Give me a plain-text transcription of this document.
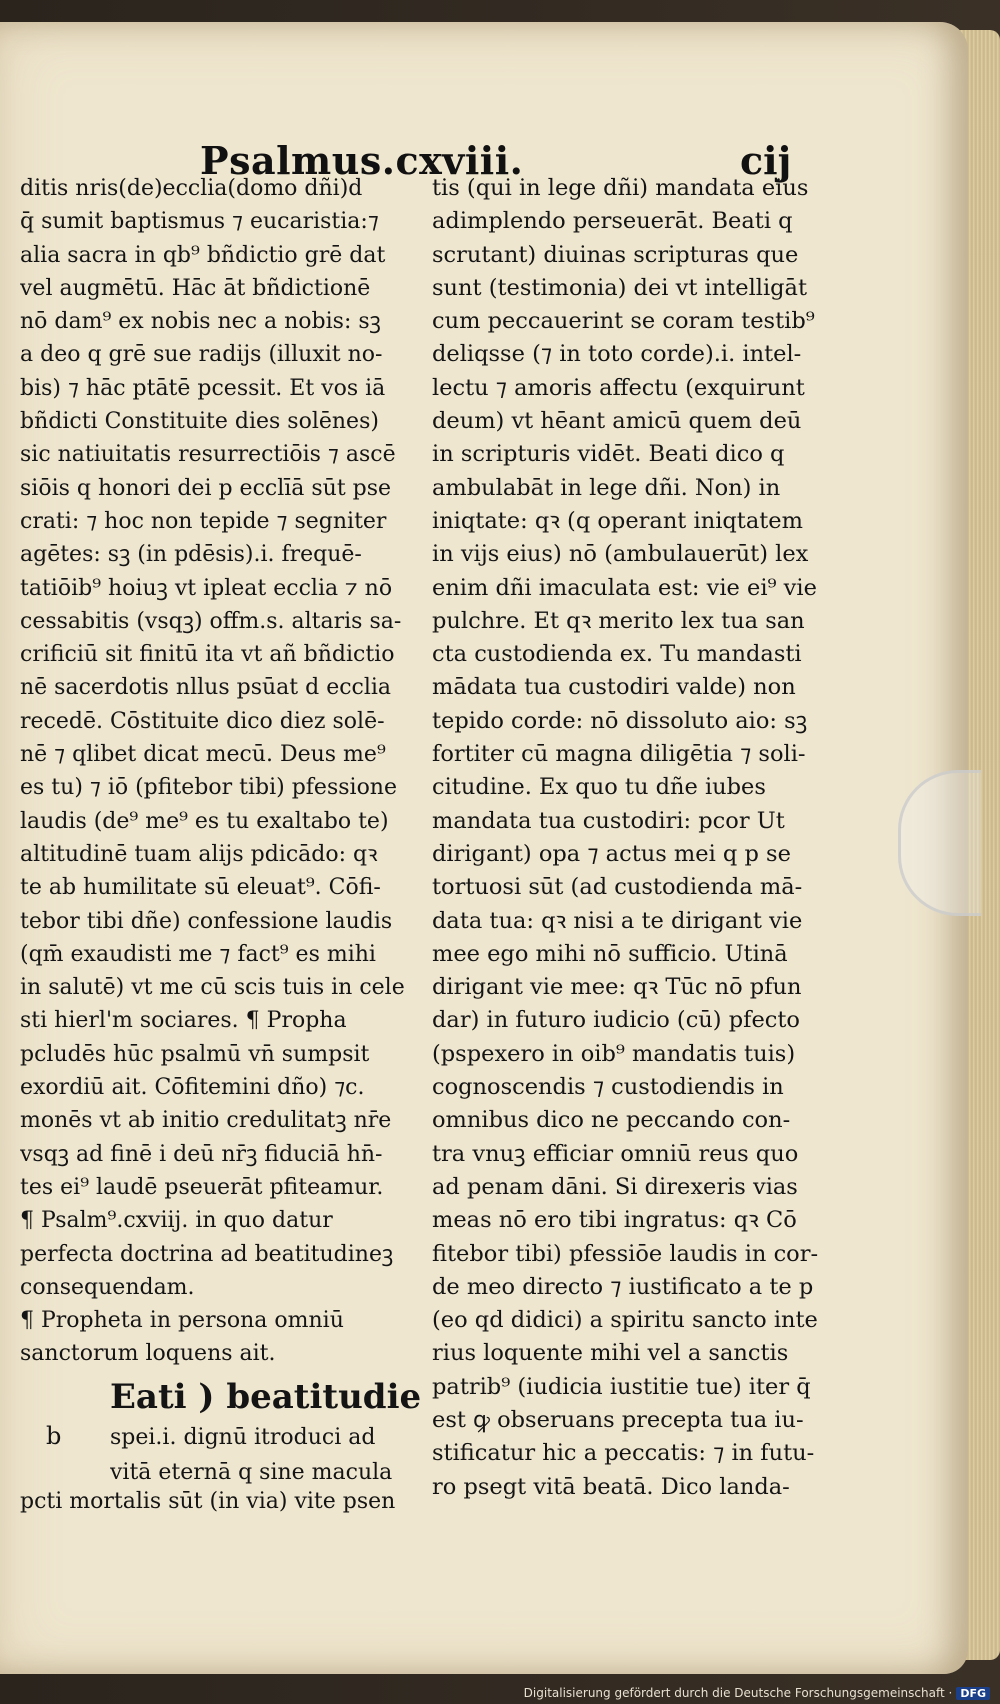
Psalmus.cxviii.	cij
ditis nris(de)ecclia(domo dñi)d
q̄ sumit baptismus ⁊ eucaristia:⁊
alia sacra in qb⁹ bñdictio grē dat
vel augmētū. Hāc āt bñdictionē
nō dam⁹ ex nobis nec a nobis: sꝫ
a deo q grē sue radijs (illuxit no-
bis) ⁊ hāc ptātē pcessit. Et vos iā
bñdicti Constituite dies solēnes)
sic natiuitatis resurrectiōis ⁊ ascē
siōis q honori dei p ecclīā sūt pse
crati: ⁊ hoc non tepide ⁊ segniter
agētes: sꝫ (in pdēsis).i. frequē-
tatiōib⁹ hoiuꝫ vt ipleat ecclia ⁊ nō
cessabitis (vsqꝫ) offm.s. altaris sa-
crificiū sit finitū ita vt añ bñdictio
nē sacerdotis nllus psūat d ecclia
recedē. Cōstituite dico diez solē-
nē ⁊ qlibet dicat mecū. Deus me⁹
es tu) ⁊ iō (pfitebor tibi) pfessione
laudis (de⁹ me⁹ es tu exaltabo te)
altitudinē tuam alijs pdicādo: qꝛ
te ab humilitate sū eleuat⁹. Cōfi-
tebor tibi dñe) confessione laudis
(qm̄ exaudisti me ⁊ fact⁹ es mihi
in salutē) vt me cū scis tuis in cele
sti hierl'm sociares. ¶ Propha
pcludēs hūc psalmū vn̄ sumpsit
exordiū ait. Cōfitemini dño) ⁊c.
monēs vt ab initio credulitatꝫ nr̄e
vsqꝫ ad finē i deū nr̄ꝫ fiduciā hn̄-
tes ei⁹ laudē pseuerāt pfiteamur.
¶ Psalm⁹.cxviij. in quo datur
perfecta doctrina ad beatitudineꝫ
consequendam.
¶ Propheta in persona omniū
sanctorum loquens ait.
b
Eati ) beatitudie
spei.i. dignū itroduci ad
vitā eternā q sine macula
pcti mortalis sūt (in via) vite psen
tis (qui in lege dñi) mandata eius
adimplendo perseuerāt. Beati q
scrutant) diuinas scripturas que
sunt (testimonia) dei vt intelligāt
cum peccauerint se coram testib⁹
deliqsse (⁊ in toto corde).i. intel-
lectu ⁊ amoris affectu (exquirunt
deum) vt hēant amicū quem deū
in scripturis vidēt. Beati dico q
ambulabāt in lege dñi. Non) in
iniqtate: qꝛ (q operant iniqtatem
in vijs eius) nō (ambulauerūt) lex
enim dñi imaculata est: vie ei⁹ vie
pulchre. Et qꝛ merito lex tua san
cta custodienda ex. Tu mandasti
mādata tua custodiri valde) non
tepido corde: nō dissoluto aio: sꝫ
fortiter cū magna diligētia ⁊ soli-
citudine. Ex quo tu dñe iubes
mandata tua custodiri: pcor Ut
dirigant) opa ⁊ actus mei q p se
tortuosi sūt (ad custodienda mā-
data tua: qꝛ nisi a te dirigant vie
mee ego mihi nō sufficio. Utinā
dirigant vie mee: qꝛ Tūc nō pfun
dar) in futuro iudicio (cū) pfecto
(pspexero in oib⁹ mandatis tuis)
cognoscendis ⁊ custodiendis in
omnibus dico ne peccando con-
tra vnuꝫ efficiar omniū reus quo
ad penam dāni. Si direxeris vias
meas nō ero tibi ingratus: qꝛ Cō
fitebor tibi) pfessiōe laudis in cor-
de meo directo ⁊ iustificato a te p
(eo qd didici) a spiritu sancto inte
rius loquente mihi vel a sanctis
patrib⁹ (iudicia iustitie tue) iter q̄
est ꝙ obseruans precepta tua iu-
stificatur hic a peccatis: ⁊ in futu-
ro psegt vitā beatā. Dico landa-
Digitalisierung gefördert durch die Deutsche Forschungsgemeinschaft · DFG
